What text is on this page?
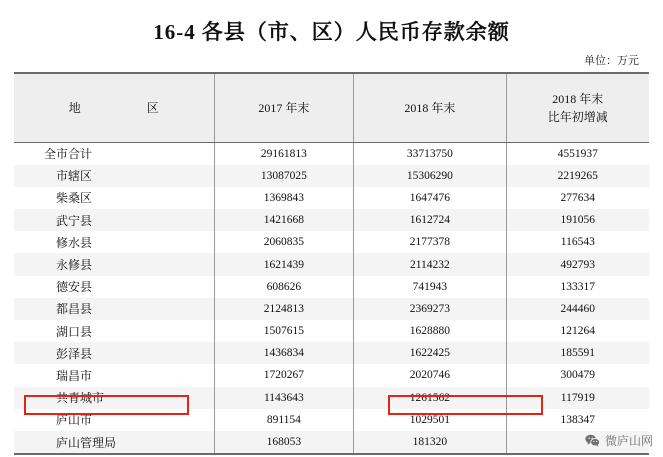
16-4 各县（市、区）人民币存款余额
单位：万元
地　　区	2017 年末	2018 年末	2018 年末
比年初增减

全市合计	29161813	33713750	4551937

市辖区	13087025	15306290	2219265

柴桑区	1369843	1647476	277634

武宁县	1421668	1612724	191056

修水县	2060835	2177378	116543

永修县	1621439	2114232	492793

德安县	608626	741943	133317

都昌县	2124813	2369273	244460

湖口县	1507615	1628880	121264

彭泽县	1436834	1622425	185591

瑞昌市	1720267	2020746	300479

共青城市	1143643	1261562	117919

庐山市	891154	1029501	138347

庐山管理局	168053	181320		微庐山网
